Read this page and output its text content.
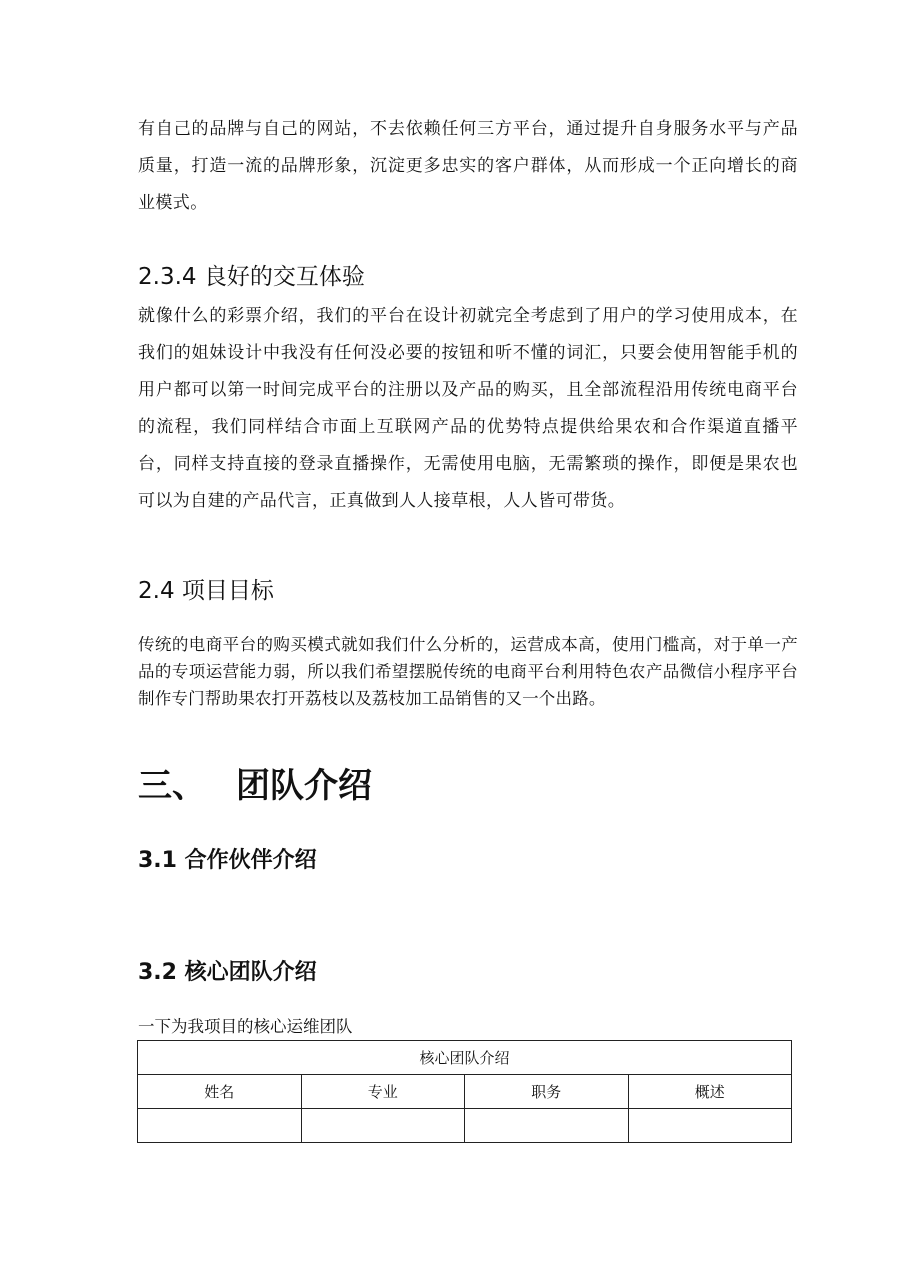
有自己的品牌与自己的网站，不去依赖任何三方平台，通过提升自身服务水平与产品质量，打造一流的品牌形象，沉淀更多忠实的客户群体，从而形成一个正向增长的商业模式。

2.3.4 良好的交互体验

就像什么的彩票介绍，我们的平台在设计初就完全考虑到了用户的学习使用成本，在我们的姐妹设计中我没有任何没必要的按钮和听不懂的词汇，只要会使用智能手机的用户都可以第一时间完成平台的注册以及产品的购买，且全部流程沿用传统电商平台的流程，我们同样结合市面上互联网产品的优势特点提供给果农和合作渠道直播平台，同样支持直接的登录直播操作，无需使用电脑，无需繁琐的操作，即便是果农也可以为自建的产品代言，正真做到人人接草根，人人皆可带货。

2.4 项目目标

传统的电商平台的购买模式就如我们什么分析的，运营成本高，使用门槛高，对于单一产品的专项运营能力弱，所以我们希望摆脱传统的电商平台利用特色农产品微信小程序平台制作专门帮助果农打开荔枝以及荔枝加工品销售的又一个出路。

三、 团队介绍
3.1 合作伙伴介绍
3.2 核心团队介绍
一下为我项目的核心运维团队
核心团队介绍			
姓名	专业	职务	概述
